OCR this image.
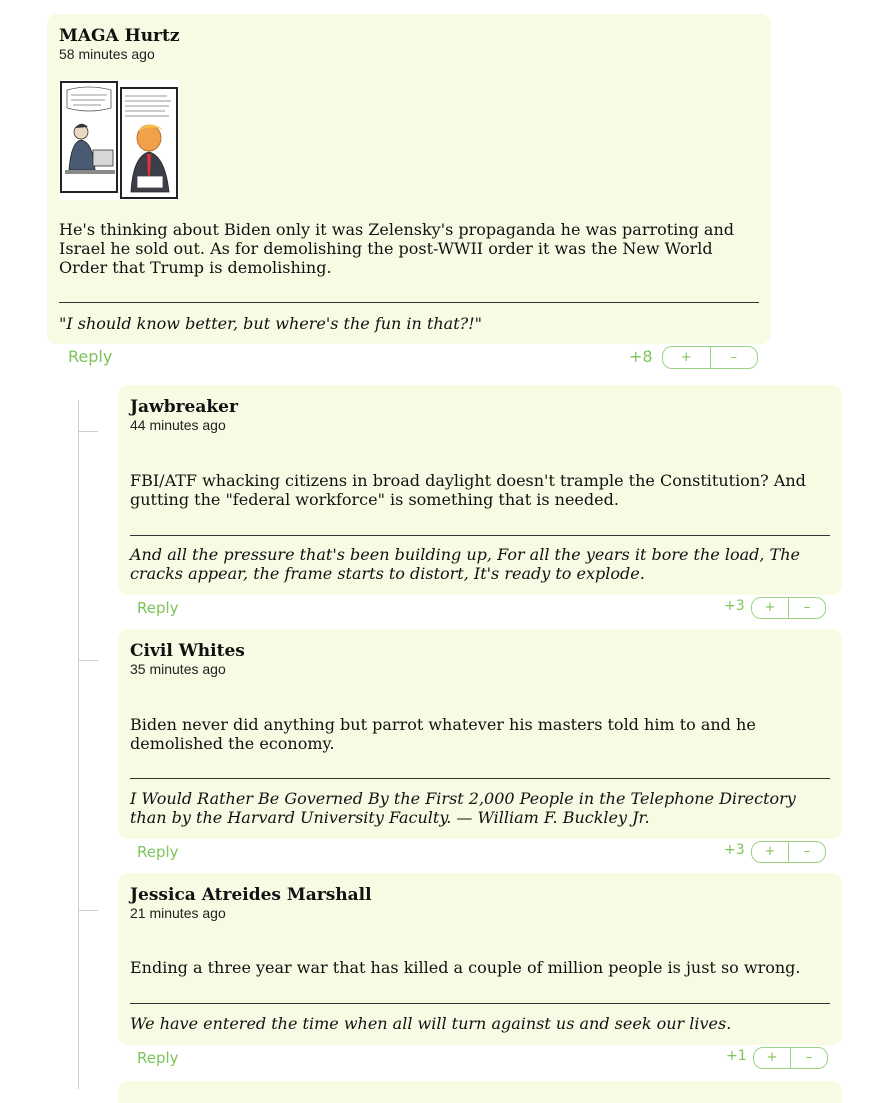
MAGA Hurtz
58 minutes ago
He's thinking about Biden only it was Zelensky's propaganda he was parroting and Israel he sold out. As for demolishing the post-WWII order it was the New World Order that Trump is demolishing.
"I should know better, but where's the fun in that?!"
Reply	+8	+	–
Jawbreaker
44 minutes ago
FBI/ATF whacking citizens in broad daylight doesn't trample the Constitution? And gutting the "federal workforce" is something that is needed.
And all the pressure that's been building up, For all the years it bore the load, The cracks appear, the frame starts to distort, It's ready to explode.
Reply	+3	+	–
Civil Whites
35 minutes ago
Biden never did anything but parrot whatever his masters told him to and he demolished the economy.
I Would Rather Be Governed By the First 2,000 People in the Telephone Directory than by the Harvard University Faculty. — William F. Buckley Jr.
Reply	+3	+	–
Jessica Atreides Marshall
21 minutes ago
Ending a three year war that has killed a couple of million people is just so wrong.
We have entered the time when all will turn against us and seek our lives.
Reply	+1	+	–
